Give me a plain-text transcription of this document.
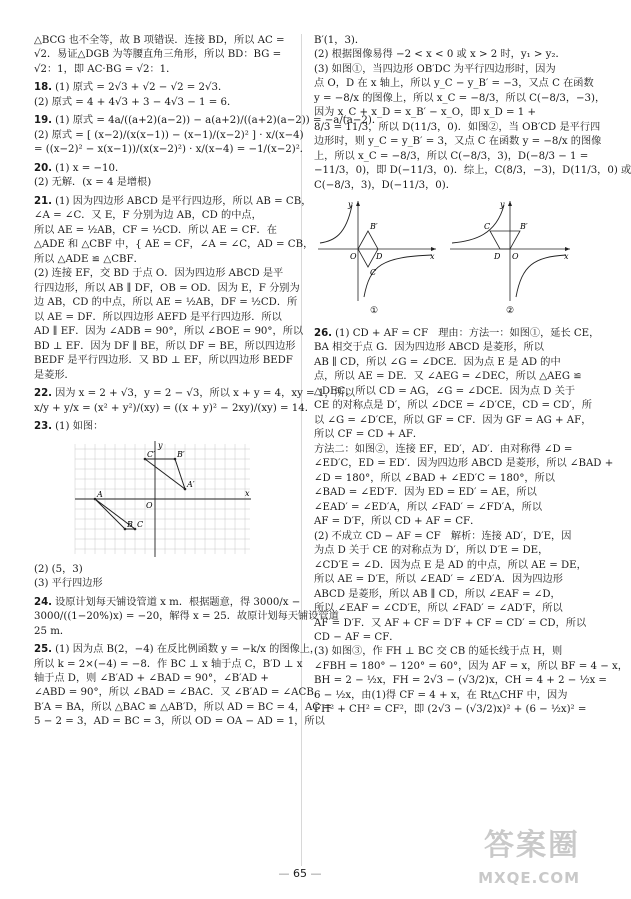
△BCG 也不全等，故 B 项错误．连接 BD，所以 AC =
√2．易证△DGB 为等腰直角三角形，所以 BD：BG =
√2：1，即 AC·BG = √2：1．
18. (1) 原式 = 2√3 + √2 − √2 = 2√3．
(2) 原式 = 4 + 4√3 + 3 − 4√3 − 1 = 6．
19. (1) 原式 = 4a/((a+2)(a−2)) − a(a+2)/((a+2)(a−2)) = −a/(a−2)．
(2) 原式 = [ (x−2)/(x(x−1)) − (x−1)/(x−2)² ] · x/(x−4)
= ((x−2)² − x(x−1))/(x(x−2)²) · x/(x−4) = −1/(x−2)²．
20. (1) x = −10．
(2) 无解．(x = 4 是增根)
21. (1) 因为四边形 ABCD 是平行四边形，所以 AB = CB，
∠A = ∠C．又 E，F 分别为边 AB，CD 的中点，
所以 AE = ½AB，CF = ½CD．所以 AE = CF．在
△ADE 和 △CBF 中，{ AE = CF，∠A = ∠C，AD = CB，
所以 △ADE ≌ △CBF．
(2) 连接 EF，交 BD 于点 O．因为四边形 ABCD 是平
行四边形，所以 AB ∥ DF，OB = OD．因为 E，F 分别为
边 AB，CD 的中点，所以 AE = ½AB，DF = ½CD．所
以 AE = DF．所以四边形 AEFD 是平行四边形．所以
AD ∥ EF．因为 ∠ADB = 90°，所以 ∠BOE = 90°，所以
BD ⊥ EF．因为 DF ∥ BE，所以 DF = BE，所以四边形
BEDF 是平行四边形．又 BD ⊥ EF，所以四边形 BEDF
是菱形．
22. 因为 x = 2 + √3，y = 2 − √3，所以 x + y = 4，xy = 1，所以
x/y + y/x = (x² + y²)/(xy) = ((x + y)² − 2xy)/(xy) = 14．
23. (1) 如图：
x
y
O
A
B C
A′
B′
C′
(2) (5，3)
(3) 平行四边形
24. 设原计划每天铺设管道 x m．根据题意，得 3000/x −
3000/((1−20%)x) = −20，解得 x = 25．故原计划每天铺设管道
25 m．
25. (1) 因为点 B(2，−4) 在反比例函数 y = −k/x 的图像上，
所以 k = 2×(−4) = −8．作 BC ⊥ x 轴于点 C，B′D ⊥ x
轴于点 D，则 ∠B′AD + ∠BAD = 90°，∠B′AD +
∠ABD = 90°，所以 ∠BAD = ∠BAC．又 ∠B′AD = ∠ACB，
B′A = BA，所以 △BAC ≌ △AB′D，所以 AD = BC = 4，AC =
5 − 2 = 3，AD = BC = 3，所以 OD = OA − AD = 1，所以
B′(1，3)．
(2) 根据图像易得 −2 < x < 0 或 x > 2 时，y₁ > y₂．
(3) 如图①，当四边形 OB′DC 为平行四边形时，因为
点 O，D 在 x 轴上，所以 y_C − y_B′ = −3，又点 C 在函数
y = −8/x 的图像上，所以 x_C = −8/3，所以 C(−8/3，−3)，
因为 x_C + x_D = x_B′ − x_O，即 x_D = 1 +
8/3 = 11/3，所以 D(11/3，0)．如图②，当 OB′CD 是平行四
边形时，则 y_C = y_B′ = 3，又点 C 在函数 y = −8/x 的图像
上，所以 x_C = −8/3，所以 C(−8/3，3)，D(−8/3 − 1 =
−11/3，0)，即 D(−11/3，0)．综上，C(8/3，−3)，D(11/3，0) 或
C(−8/3，3)，D(−11/3，0)．
y
x
O D
C
B′
①
y
x
O
D
C	B′
②
26. (1) CD + AF = CF　理由：方法一：如图①，延长 CE，
BA 相交于点 G．因为四边形 ABCD 是菱形，所以
AB ∥ CD，所以 ∠G = ∠DCE．因为点 E 是 AD 的中
点，所以 AE = DE．又 ∠AEG = ∠DEC，所以 △AEG ≌
△DEC，所以 CD = AG，∠G = ∠DCE．因为点 D 关于
CE 的对称点是 D′，所以 ∠DCE = ∠D′CE，CD = CD′，所
以 ∠G = ∠D′CE，所以 GF = CF．因为 GF = AG + AF，
所以 CF = CD + AF．
方法二：如图②，连接 EF，ED′，AD′．由对称得 ∠D =
∠ED′C，ED = ED′．因为四边形 ABCD 是菱形，所以 ∠BAD +
∠D = 180°，所以 ∠BAD + ∠ED′C = 180°，所以
∠BAD = ∠ED′F．因为 ED = ED′ = AE，所以
∠EAD′ = ∠ED′A，所以 ∠FAD′ = ∠FD′A，所以
AF = D′F，所以 CD + AF = CF．
(2) 不成立 CD − AF = CF　解析：连接 AD′，D′E，因
为点 D 关于 CE 的对称点为 D′，所以 D′E = DE，
∠CD′E = ∠D．因为点 E 是 AD 的中点，所以 AE = DE，
所以 AE = D′E，所以 ∠EAD′ = ∠ED′A．因为四边形
ABCD 是菱形，所以 AB ∥ CD，所以 ∠EAF = ∠D，
所以 ∠EAF = ∠CD′E，所以 ∠FAD′ = ∠AD′F，所以
AF = D′F．又 AF + CF = D′F + CF = CD′ = CD，所以
CD − AF = CF．
(3) 如图③，作 FH ⊥ BC 交 CB 的延长线于点 H，则
∠FBH = 180° − 120° = 60°，因为 AF = x，所以 BF = 4 − x，
BH = 2 − ½x，FH = 2√3 − (√3/2)x，CH = 4 + 2 − ½x =
6 − ½x，由(1)得 CF = 4 + x，在 Rt△CHF 中，因为
FH² + CH² = CF²，即 (2√3 − (√3/2)x)² + (6 − ½x)² =
— 65 —
答案圈
MXQE.COM
